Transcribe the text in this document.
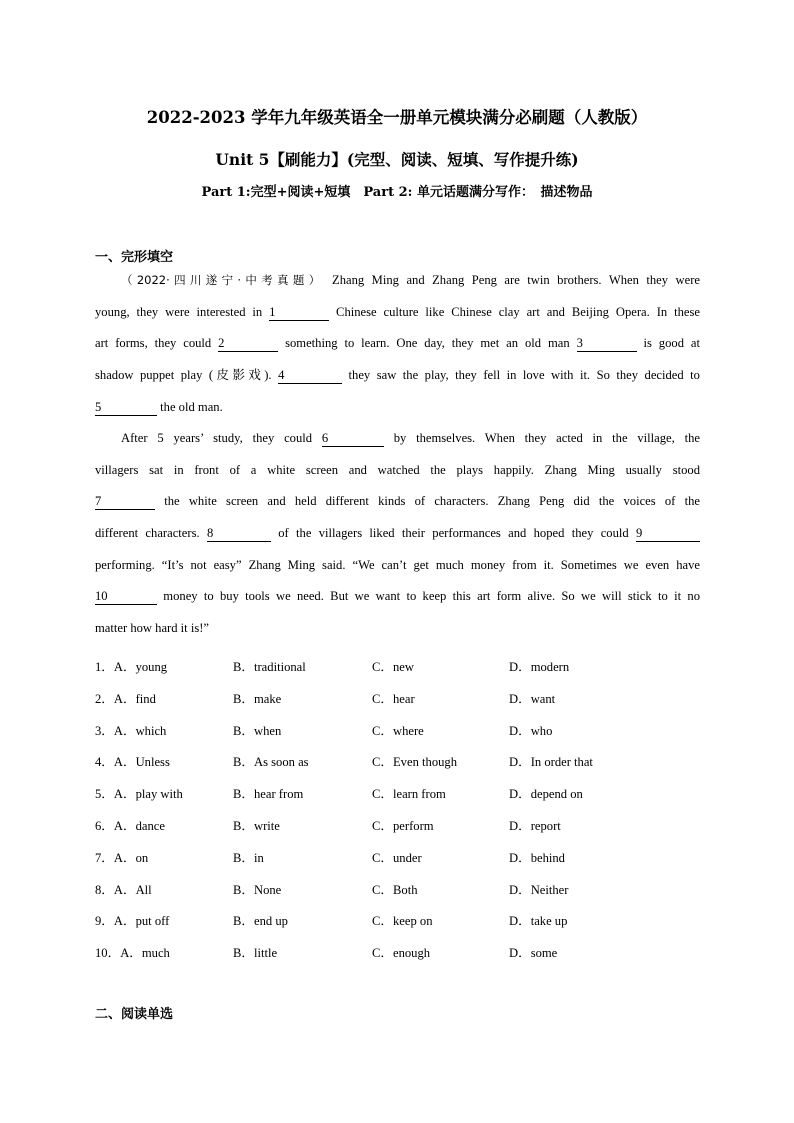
2022-2023 学年九年级英语全一册单元模块满分必刷题（人教版）
Unit 5【刷能力】(完型、阅读、短填、写作提升练)
Part 1:完型+阅读+短填　Part 2: 单元话题满分写作：　描述物品
一、完形填空
（2022·四川遂宁·中考真题） Zhang Ming and Zhang Peng are twin brothers. When they were
young, they were interested in 1	Chinese culture like Chinese clay art and Beijing Opera. In these
art forms, they could 2	something to learn. One day, they met an old man 3	is good at
shadow puppet play (皮影戏). 4	they saw the play, they fell in love with it. So they decided to
5	the old man.
After 5 years’ study, they could 6	by themselves. When they acted in the village, the
villagers sat in front of a white screen and watched the plays happily. Zhang Ming usually stood
7	the white screen and held different kinds of characters. Zhang Peng did the voices of the
different characters. 8	of the villagers liked their performances and hoped they could 9
performing. “It’s not easy” Zhang Ming said. “We can’t get much money from it. Sometimes we even have
10	money to buy tools we need. But we want to keep this art form alive. So we will stick to it no
matter how hard it is!”
1．A．young	B．traditional	C．new	D．modern
2．A．find	B．make	C．hear	D．want
3．A．which	B．when	C．where	D．who
4．A．Unless	B．As soon as	C．Even though	D．In order that
5．A．play with	B．hear from	C．learn from	D．depend on
6．A．dance	B．write	C．perform	D．report
7．A．on	B．in	C．under	D．behind
8．A．All	B．None	C．Both	D．Neither
9．A．put off	B．end up	C．keep on	D．take up
10．A．much	B．little	C．enough	D．some
二、阅读单选
